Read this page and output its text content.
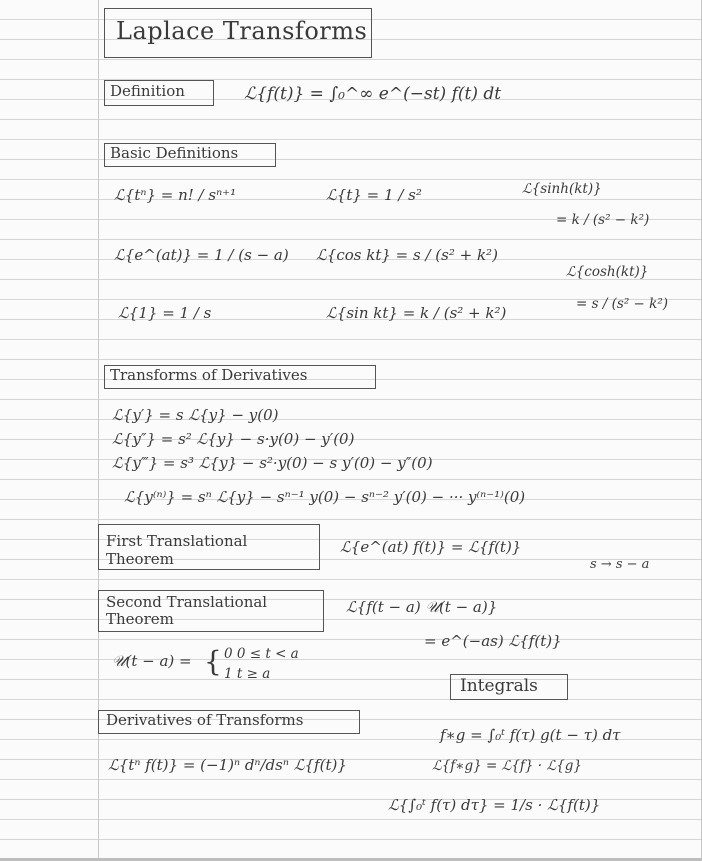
Laplace Transforms
Definition	ℒ{f(t)} = ∫₀^∞ e^(−st) f(t) dt
Basic Definitions
ℒ{tⁿ} = n! / sⁿ⁺¹	ℒ{t} = 1 / s²	ℒ{sinh(kt)}
= k / (s² − k²)
ℒ{e^(at)} = 1 / (s − a) ℒ{cos kt} = s / (s² + k²)
ℒ{cosh(kt)}
ℒ{1} = 1 / s	ℒ{sin kt} = k / (s² + k²)	= s / (s² − k²)
Transforms of Derivatives
ℒ{y′} = s ℒ{y} − y(0)
ℒ{y″} = s² ℒ{y} − s·y(0) − y′(0)
ℒ{y‴} = s³ ℒ{y} − s²·y(0) − s y′(0) − y″(0)
ℒ{y⁽ⁿ⁾} = sⁿ ℒ{y} − sⁿ⁻¹ y(0) − sⁿ⁻² y′(0) − ··· y⁽ⁿ⁻¹⁾(0)
First Translational Theorem
ℒ{e^(at) f(t)} = ℒ{f(t)}
s → s − a
Second Translational Theorem
ℒ{f(t − a) 𝒰(t − a)}
= e^(−as) ℒ{f(t)}
𝒰(t − a) = { 0 0 ≤ t < a
1 t ≥ a
Integrals
Derivatives of Transforms
f∗g = ∫₀ᵗ f(τ) g(t − τ) dτ
ℒ{tⁿ f(t)} = (−1)ⁿ dⁿ/dsⁿ ℒ{f(t)}	ℒ{f∗g} = ℒ{f} · ℒ{g}
ℒ{∫₀ᵗ f(τ) dτ} = 1/s · ℒ{f(t)}
